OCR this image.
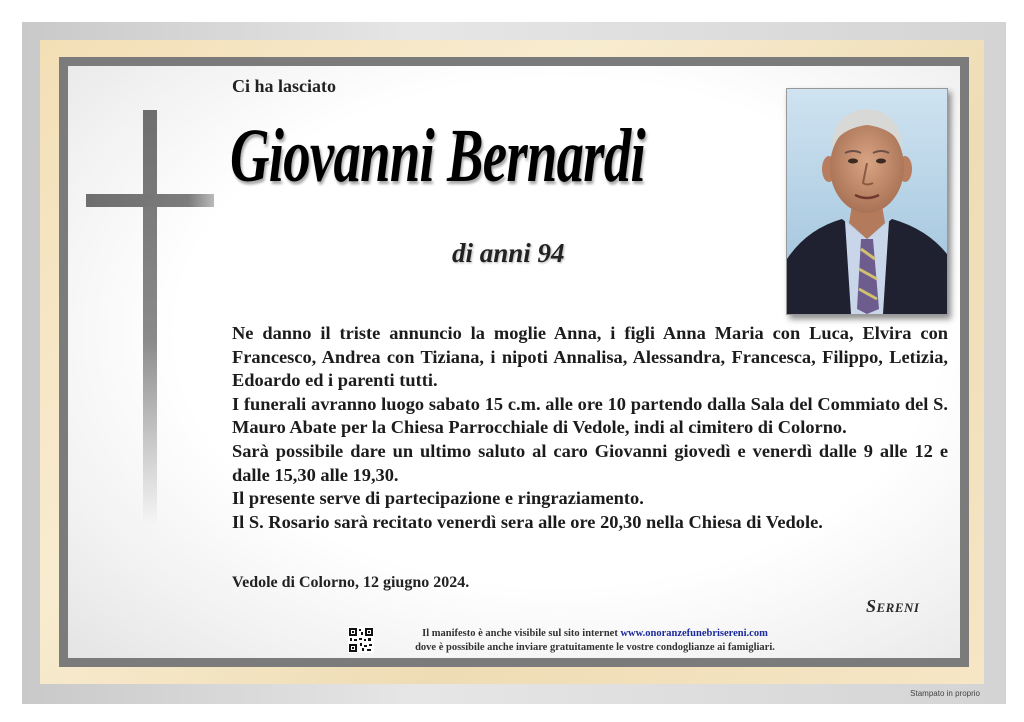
Ci ha lasciato
Giovanni Bernardi
di anni 94

Ne danno il triste annuncio la moglie Anna, i figli Anna Maria con Luca, Elvira con Francesco, Andrea con Tiziana, i nipoti Annalisa, Alessandra, Francesca, Filippo, Letizia, Edoardo ed i parenti tutti.

I funerali avranno luogo sabato 15 c.m. alle ore 10 partendo dalla Sala del Commiato del S. Mauro Abate per la Chiesa Parrocchiale di Vedole, indi al cimitero di Colorno.

Sarà possibile dare un ultimo saluto al caro Giovanni giovedì e venerdì dalle 9 alle 12 e dalle 15,30 alle 19,30.

Il presente serve di partecipazione e ringraziamento.

Il S. Rosario sarà recitato venerdì sera alle ore 20,30 nella Chiesa di Vedole.

Vedole di Colorno, 12 giugno 2024.
Sereni
Il manifesto è anche visibile sul sito internet www.onoranzefunebrisereni.com
dove è possibile anche inviare gratuitamente le vostre condoglianze ai famigliari.
Stampato in proprio
